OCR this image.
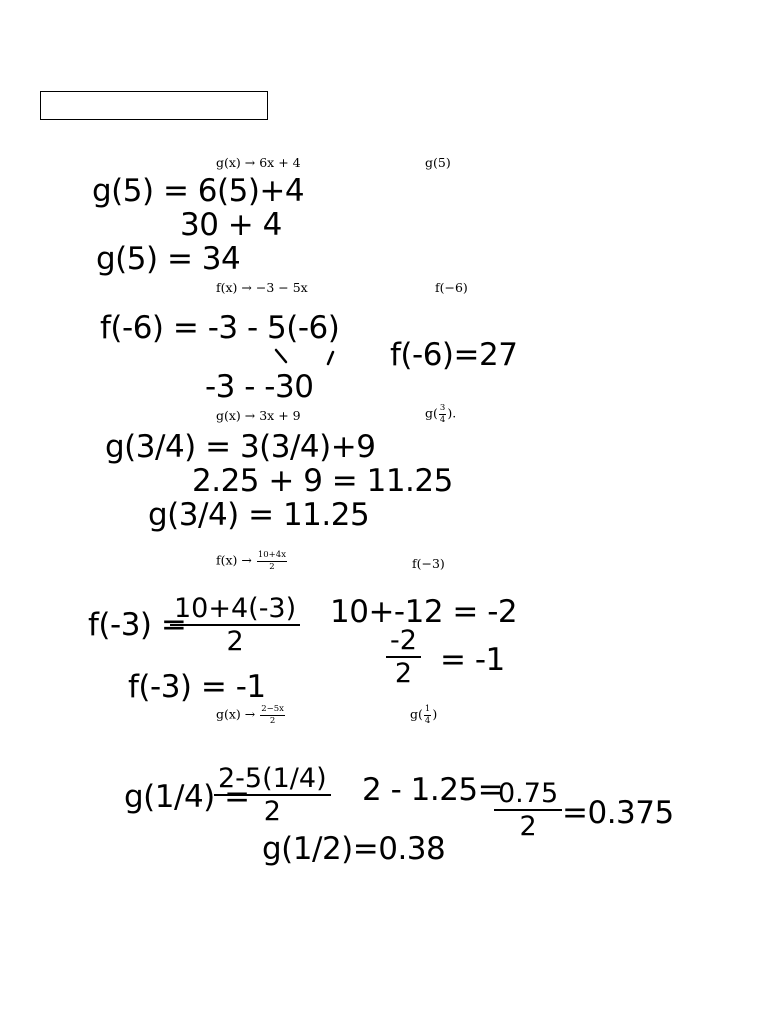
g(x) → 6x + 4	g(5)
g(5) = 6(5)+4
30 + 4
g(5) = 34
f(x) → −3 − 5x	f(−6)
f(-6) = -3 - 5(-6)
-3 - -30
f(-6)=27
g(x) → 3x + 9	$g( \frac{3}{4}$ ).
g(3/4) = 3(3/4)+9
2.25 + 9 = 11.25
g(3/4) = 11.25
$f(x) \to \frac{10+4x}{2}$	f(−3)
f(-3) =
10+4(-3)
2
10+-12 = -2
-2
2 = -1
f(-3) = -1
$g(x) \to \frac{2-5x}{2}$	$g( \frac{1}{4}$ )
g(1/4) =
2-5(1/4)
2
2 - 1.25=
0.75
2 =0.375
g(1/2)=0.38
